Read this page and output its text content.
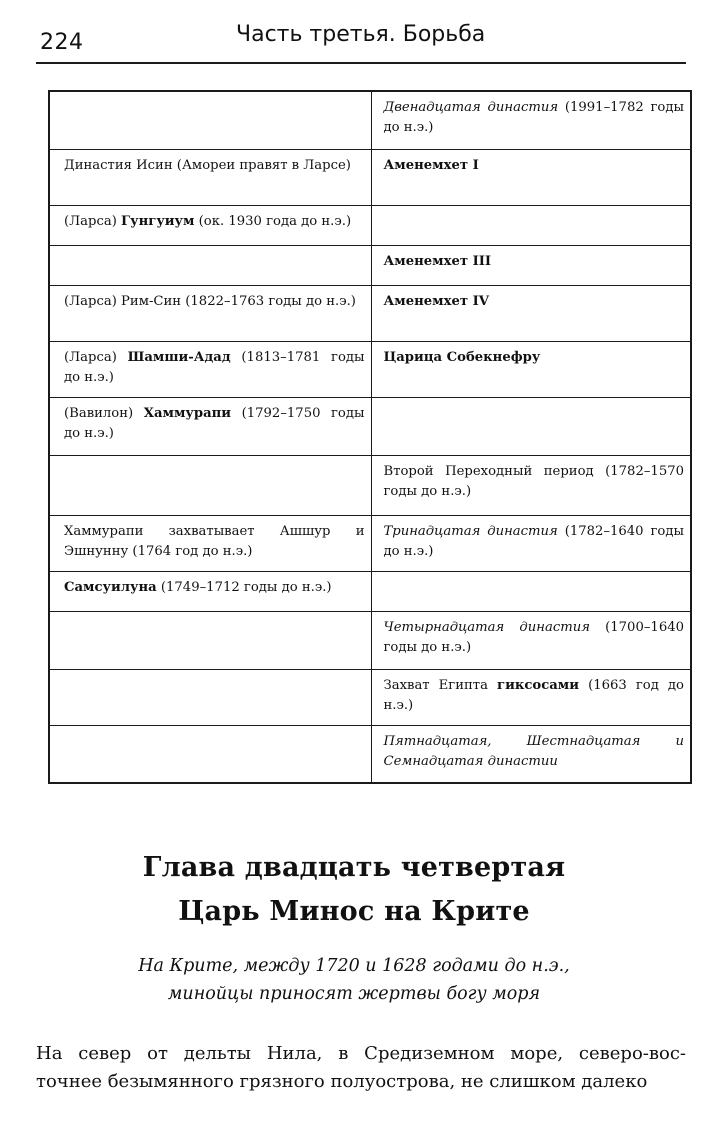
224	Часть третья. Борьба
	Двенадцатая династия (1991–1782 годы до н.э.)
Династия Исин (Амореи правят в Ларсе)	Аменемхет I
(Ларса) Гунгуиум (ок. 1930 года до н.э.)	
	Аменемхет III
(Ларса) Рим-Син (1822–1763 годы до н.э.)	Аменемхет IV
(Ларса) Шамши-Адад (1813–1781 годы до н.э.)	Царица Собекнефру
(Вавилон) Хаммурапи (1792–1750 годы до н.э.)	
	Второй Переходный период (1782–1570 годы до н.э.)
Хаммурапи захватывает Ашшур и Эшнунну (1764 год до н.э.)	Тринадцатая династия (1782–1640 годы до н.э.)
Самсуилуна (1749–1712 годы до н.э.)	
	Четырнадцатая династия (1700–1640 годы до н.э.)
	Захват Египта гиксосами (1663 год до н.э.)
	Пятнадцатая, Шестнадцатая и Семнадцатая династии
Глава двадцать четвертая
Царь Минос на Крите
На Крите, между 1720 и 1628 годами до н.э.,
минойцы приносят жертвы богу моря
На север от дельты Нила, в Средиземном море, северо-вос-
точнее безымянного грязного полуострова, не слишком далеко
